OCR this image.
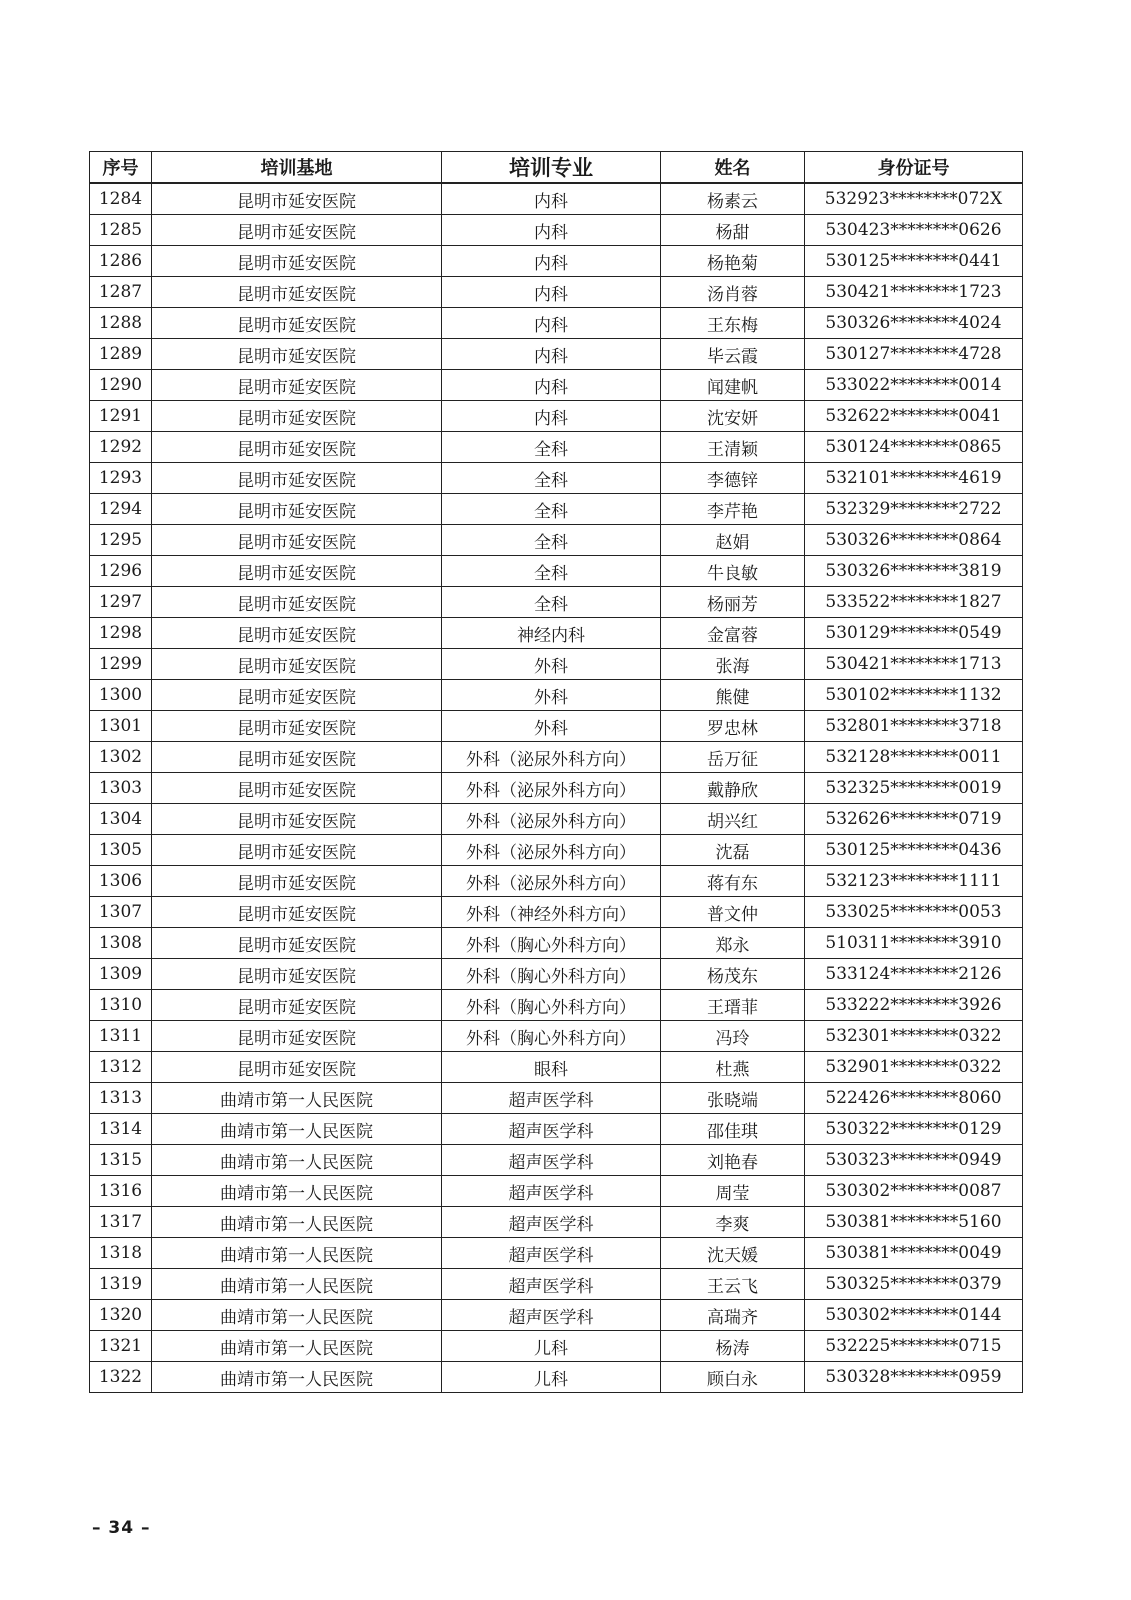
序号	培训基地	培训专业	姓名	身份证号
1284	昆明市延安医院	内科	杨素云	532923********072X
1285	昆明市延安医院	内科	杨甜	530423********0626
1286	昆明市延安医院	内科	杨艳菊	530125********0441
1287	昆明市延安医院	内科	汤肖蓉	530421********1723
1288	昆明市延安医院	内科	王东梅	530326********4024
1289	昆明市延安医院	内科	毕云霞	530127********4728
1290	昆明市延安医院	内科	闻建帆	533022********0014
1291	昆明市延安医院	内科	沈安妍	532622********0041
1292	昆明市延安医院	全科	王清颖	530124********0865
1293	昆明市延安医院	全科	李德锌	532101********4619
1294	昆明市延安医院	全科	李芹艳	532329********2722
1295	昆明市延安医院	全科	赵娟	530326********0864
1296	昆明市延安医院	全科	牛良敏	530326********3819
1297	昆明市延安医院	全科	杨丽芳	533522********1827
1298	昆明市延安医院	神经内科	金富蓉	530129********0549
1299	昆明市延安医院	外科	张海	530421********1713
1300	昆明市延安医院	外科	熊健	530102********1132
1301	昆明市延安医院	外科	罗忠林	532801********3718
1302	昆明市延安医院	外科（泌尿外科方向）	岳万征	532128********0011
1303	昆明市延安医院	外科（泌尿外科方向）	戴静欣	532325********0019
1304	昆明市延安医院	外科（泌尿外科方向）	胡兴红	532626********0719
1305	昆明市延安医院	外科（泌尿外科方向）	沈磊	530125********0436
1306	昆明市延安医院	外科（泌尿外科方向）	蒋有东	532123********1111
1307	昆明市延安医院	外科（神经外科方向）	普文仲	533025********0053
1308	昆明市延安医院	外科（胸心外科方向）	郑永	510311********3910
1309	昆明市延安医院	外科（胸心外科方向）	杨茂东	533124********2126
1310	昆明市延安医院	外科（胸心外科方向）	王瑨菲	533222********3926
1311	昆明市延安医院	外科（胸心外科方向）	冯玲	532301********0322
1312	昆明市延安医院	眼科	杜燕	532901********0322
1313	曲靖市第一人民医院	超声医学科	张晓端	522426********8060
1314	曲靖市第一人民医院	超声医学科	邵佳琪	530322********0129
1315	曲靖市第一人民医院	超声医学科	刘艳春	530323********0949
1316	曲靖市第一人民医院	超声医学科	周莹	530302********0087
1317	曲靖市第一人民医院	超声医学科	李爽	530381********5160
1318	曲靖市第一人民医院	超声医学科	沈天媛	530381********0049
1319	曲靖市第一人民医院	超声医学科	王云飞	530325********0379
1320	曲靖市第一人民医院	超声医学科	高瑞齐	530302********0144
1321	曲靖市第一人民医院	儿科	杨涛	532225********0715
1322	曲靖市第一人民医院	儿科	顾白永	530328********0959
– 34 –
